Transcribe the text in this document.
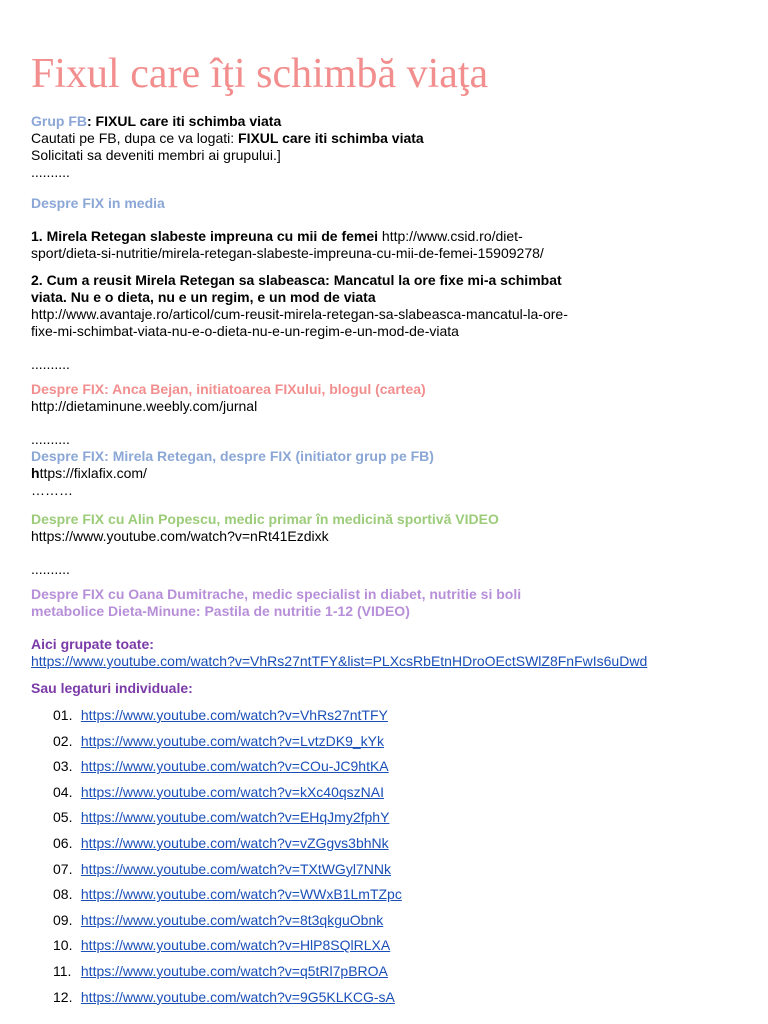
Fixul care îţi schimbă viaţa

Grup FB: FIXUL care iti schimba viata

Cautati pe FB, dupa ce va logati: FIXUL care iti schimba viata

Solicitati sa deveniti membri ai grupului.]

..........

Despre FIX in media

1. Mirela Retegan slabeste impreuna cu mii de femei http://www.csid.ro/diet-

sport/dieta-si-nutritie/mirela-retegan-slabeste-impreuna-cu-mii-de-femei-15909278/

2. Cum a reusit Mirela Retegan sa slabeasca: Mancatul la ore fixe mi-a schimbat

viata. Nu e o dieta, nu e un regim, e un mod de viata

http://www.avantaje.ro/articol/cum-reusit-mirela-retegan-sa-slabeasca-mancatul-la-ore-

fixe-mi-schimbat-viata-nu-e-o-dieta-nu-e-un-regim-e-un-mod-de-viata

..........

Despre FIX: Anca Bejan, initiatoarea FIXului, blogul (cartea)

http://dietaminune.weebly.com/jurnal

..........

Despre FIX: Mirela Retegan, despre FIX (initiator grup pe FB)

https://fixlafix.com/

………

Despre FIX cu Alin Popescu, medic primar în medicină sportivă VIDEO

https://www.youtube.com/watch?v=nRt41Ezdixk

..........

Despre FIX cu Oana Dumitrache, medic specialist in diabet, nutritie si boli

metabolice Dieta-Minune: Pastila de nutritie 1-12 (VIDEO)

Aici grupate toate:

https://www.youtube.com/watch?v=VhRs27ntTFY&list=PLXcsRbEtnHDroOEctSWlZ8FnFwIs6uDwd

Sau legaturi individuale:

01. https://www.youtube.com/watch?v=VhRs27ntTFY
02. https://www.youtube.com/watch?v=LvtzDK9_kYk
03. https://www.youtube.com/watch?v=COu-JC9htKA
04. https://www.youtube.com/watch?v=kXc40qszNAI
05. https://www.youtube.com/watch?v=EHqJmy2fphY
06. https://www.youtube.com/watch?v=vZGgvs3bhNk
07. https://www.youtube.com/watch?v=TXtWGyl7NNk
08. https://www.youtube.com/watch?v=WWxB1LmTZpc
09. https://www.youtube.com/watch?v=8t3qkguObnk
10. https://www.youtube.com/watch?v=HlP8SQlRLXA
11. https://www.youtube.com/watch?v=q5tRl7pBROA
12. https://www.youtube.com/watch?v=9G5KLKCG-sA
